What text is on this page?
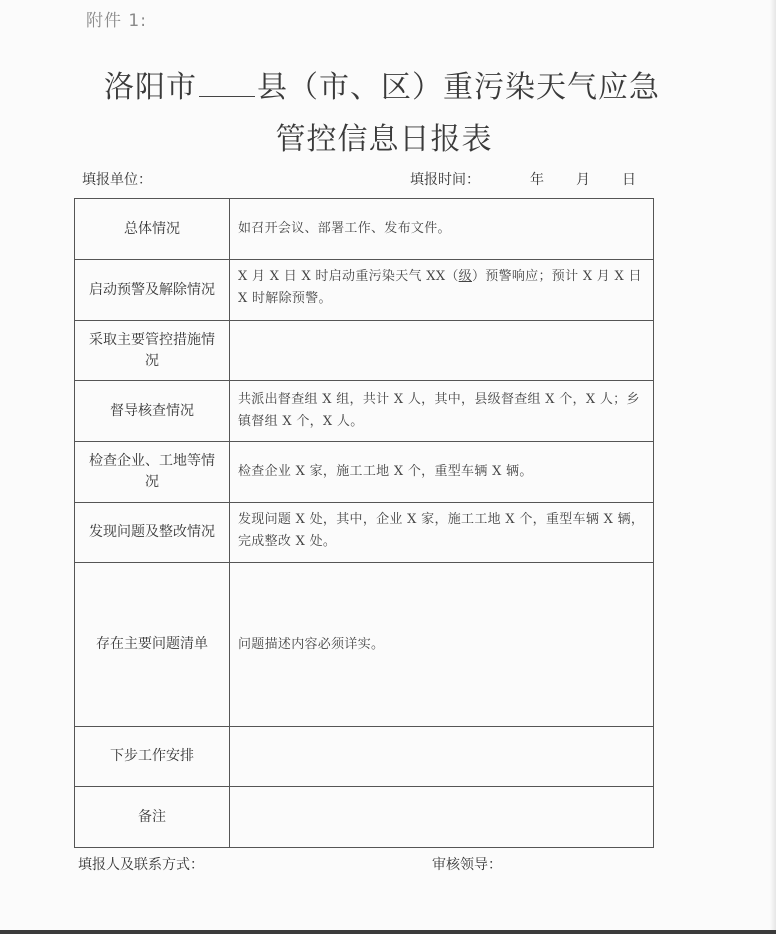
附件 1:
洛阳市 县（市、区）重污染天气应急
管控信息日报表
填报单位：	填报时间：	年 月 日
总体情况	如召开会议、部署工作、发布文件。
启动预警及解除情况	X 月 X 日 X 时启动重污染天气 XX（级）预警响应；预计 X 月 X 日 X 时解除预警。
采取主要管控措施情况	
督导核查情况	共派出督查组 X 组，共计 X 人，其中，县级督查组 X 个，X 人；乡镇督组 X 个，X 人。
检查企业、工地等情况	检查企业 X 家，施工工地 X 个，重型车辆 X 辆。
发现问题及整改情况	发现问题 X 处，其中，企业 X 家，施工工地 X 个，重型车辆 X 辆，完成整改 X 处。
存在主要问题清单	问题描述内容必须详实。
下步工作安排	
备注	
填报人及联系方式：	审核领导：
